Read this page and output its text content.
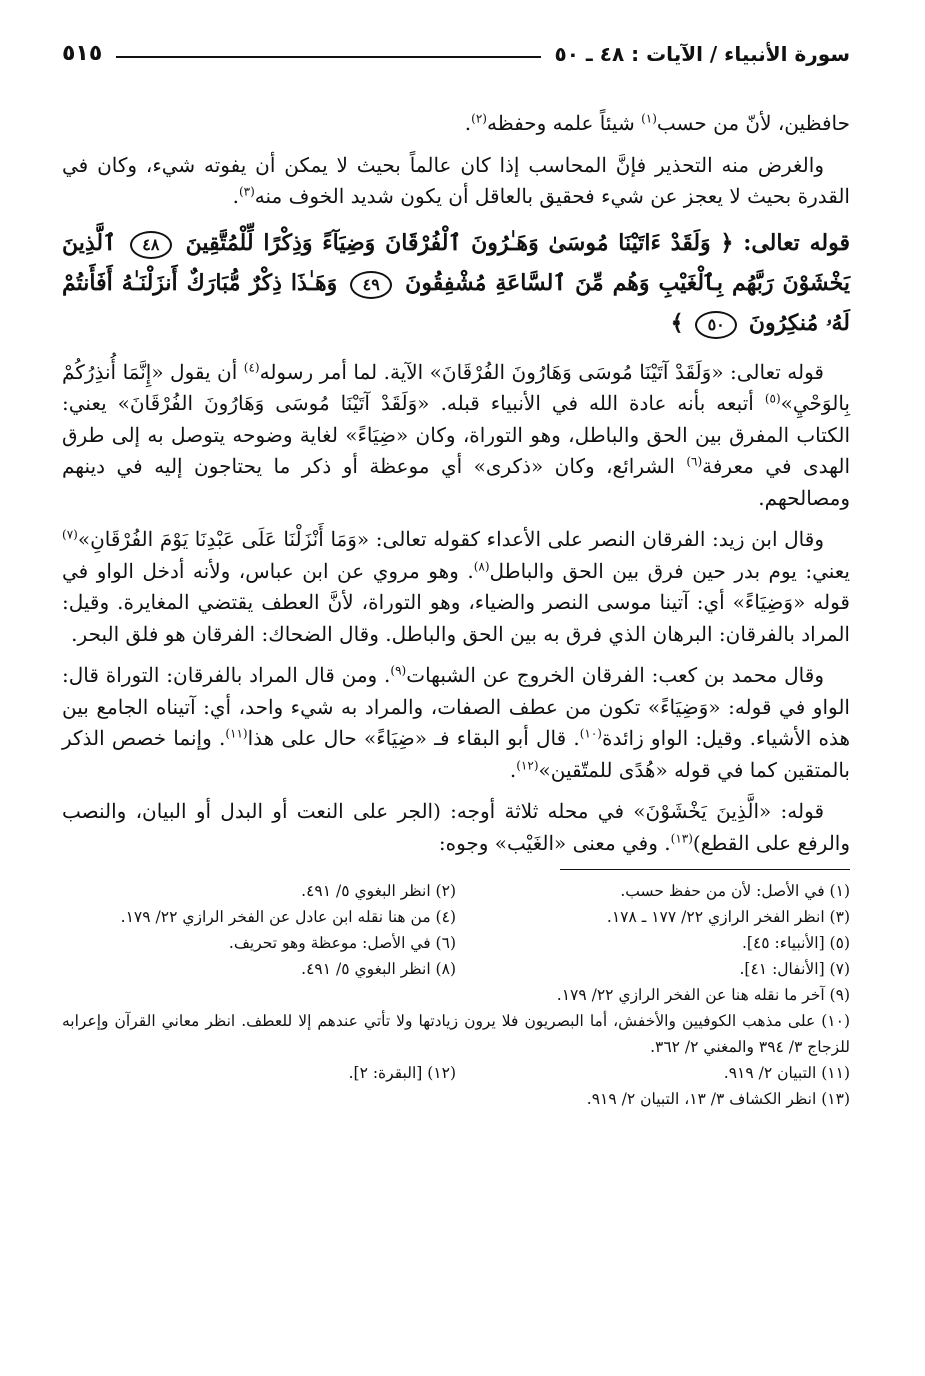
سورة الأنبياء / الآيات : ٤٨ ـ ٥٠
٥١٥

حافظين، لأنّ من حسب$^{(١)}$ شيئاً علمه وحفظه$^{(٢)}$.

والغرض منه التحذير فإنَّ المحاسب إذا كان عالماً بحيث لا يمكن أن يفوته شيء، وكان في القدرة بحيث لا يعجز عن شيء فحقيق بالعاقل أن يكون شديد الخوف منه$^{(٣)}$.

قوله تعالى: ﴿ وَلَقَدْ ءَاتَيْنَا مُوسَىٰ وَهَـٰرُونَ ٱلْفُرْقَانَ وَضِيَآءً وَذِكْرًا لِّلْمُتَّقِينَ ٤٨ ٱلَّذِينَ يَخْشَوْنَ رَبَّهُم بِٱلْغَيْبِ وَهُم مِّنَ ٱلسَّاعَةِ مُشْفِقُونَ ٤٩ وَهَـٰذَا ذِكْرٌ مُّبَارَكٌ أَنزَلْنَـٰهُ أَفَأَنتُمْ لَهُۥ مُنكِرُونَ ٥٠ ﴾

قوله تعالى: «وَلَقَدْ آتَيْنَا مُوسَى وَهَارُونَ الفُرْقَانَ» الآية. لما أمر رسوله$^{(٤)}$ أن يقول «إِنَّمَا أُنذِرُكُمْ بِالوَحْيِ»$^{(٥)}$ أتبعه بأنه عادة الله في الأنبياء قبله. «وَلَقَدْ آتَيْنَا مُوسَى وَهَارُونَ الفُرْقَانَ» يعني: الكتاب المفرق بين الحق والباطل، وهو التوراة، وكان «ضِيَاءً» لغاية وضوحه يتوصل به إلى طرق الهدى في معرفة$^{(٦)}$ الشرائع، وكان «ذكرى» أي موعظة أو ذكر ما يحتاجون إليه في دينهم ومصالحهم.

وقال ابن زيد: الفرقان النصر على الأعداء كقوله تعالى: «وَمَا أَنْزَلْنَا عَلَى عَبْدِنَا يَوْمَ الفُرْقَانِ»$^{(٧)}$ يعني: يوم بدر حين فرق بين الحق والباطل$^{(٨)}$. وهو مروي عن ابن عباس، ولأنه أدخل الواو في قوله «وَضِيَاءً» أي: آتينا موسى النصر والضياء، وهو التوراة، لأنَّ العطف يقتضي المغايرة. وقيل: المراد بالفرقان: البرهان الذي فرق به بين الحق والباطل. وقال الضحاك: الفرقان هو فلق البحر.

وقال محمد بن كعب: الفرقان الخروج عن الشبهات$^{(٩)}$. ومن قال المراد بالفرقان: التوراة قال: الواو في قوله: «وَضِيَاءً» تكون من عطف الصفات، والمراد به شيء واحد، أي: آتيناه الجامع بين هذه الأشياء. وقيل: الواو زائدة$^{(١٠)}$. قال أبو البقاء فـ «ضِيَاءً» حال على هذا$^{(١١)}$. وإنما خصص الذكر بالمتقين كما في قوله «هُدًى للمتّقين»$^{(١٢)}$.

قوله: «الَّذِينَ يَخْشَوْنَ» في محله ثلاثة أوجه: (الجر على النعت أو البدل أو البيان، والنصب والرفع على القطع)$^{(١٣)}$. وفي معنى «الغَيْب» وجوه:

(١) في الأصل: لأن من حفظ حسب.
(٢) انظر البغوي ٥/ ٤٩١.
(٣) انظر الفخر الرازي ٢٢/ ١٧٧ ـ ١٧٨.
(٤) من هنا نقله ابن عادل عن الفخر الرازي ٢٢/ ١٧٩.
(٥) [الأنبياء: ٤٥].
(٦) في الأصل: موعظة وهو تحريف.
(٧) [الأنفال: ٤١].
(٨) انظر البغوي ٥/ ٤٩١.
(٩) آخر ما نقله هنا عن الفخر الرازي ٢٢/ ١٧٩.
(١٠) على مذهب الكوفيين والأخفش، أما البصريون فلا يرون زيادتها ولا تأتي عندهم إلا للعطف. انظر معاني القرآن وإعرابه للزجاج ٣/ ٣٩٤ والمغني ٢/ ٣٦٢.
(١١) التبيان ٢/ ٩١٩.
(١٢) [البقرة: ٢].
(١٣) انظر الكشاف ٣/ ١٣، التبيان ٢/ ٩١٩.
